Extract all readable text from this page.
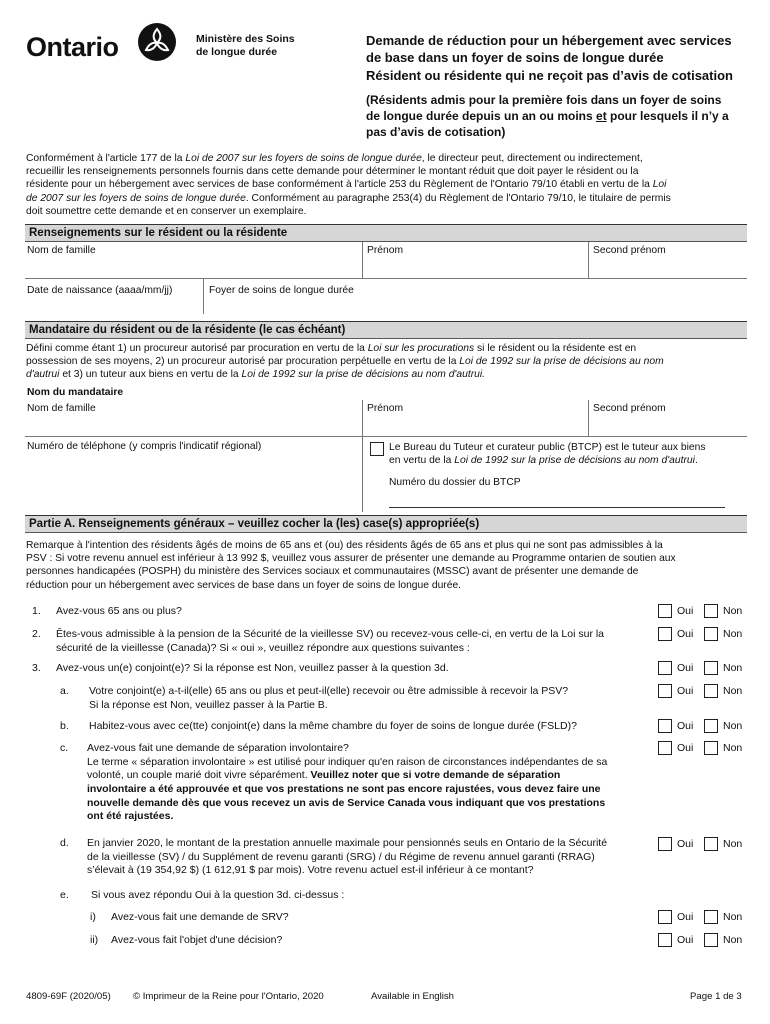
Ontario	Ministère des Soins
de longue durée
Demande de réduction pour un hébergement avec services
de base dans un foyer de soins de longue durée
Résident ou résidente qui ne reçoit pas d’avis de cotisation
(Résidents admis pour la première fois dans un foyer de soins
de longue durée depuis un an ou moins et pour lesquels il n’y a
pas d’avis de cotisation)
Conformément à l'article 177 de la Loi de 2007 sur les foyers de soins de longue durée, le directeur peut, directement ou indirectement,
recueillir les renseignements personnels fournis dans cette demande pour déterminer le montant réduit que doit payer le résident ou la
résidente pour un hébergement avec services de base conformément à l'article 253 du Règlement de l'Ontario 79/10 établi en vertu de la Loi
de 2007 sur les foyers de soins de longue durée. Conformément au paragraphe 253(4) du Règlement de l'Ontario 79/10, le titulaire de permis
doit soumettre cette demande et en conserver un exemplaire.
Renseignements sur le résident ou la résidente
Nom de famille	Prénom	Second prénom
Date de naissance (aaaa/mm/jj)	Foyer de soins de longue durée
Mandataire du résident ou de la résidente (le cas échéant)
Défini comme étant 1) un procureur autorisé par procuration en vertu de la Loi sur les procurations si le résident ou la résidente est en
possession de ses moyens, 2) un procureur autorisé par procuration perpétuelle en vertu de la Loi de 1992 sur la prise de décisions au nom
d'autrui et 3) un tuteur aux biens en vertu de la Loi de 1992 sur la prise de décisions au nom d'autrui.
Nom du mandataire
Nom de famille	Prénom	Second prénom
Numéro de téléphone (y compris l'indicatif régional)	Le Bureau du Tuteur et curateur public (BTCP) est le tuteur aux biens
en vertu de la Loi de 1992 sur la prise de décisions au nom d'autrui.
Numéro du dossier du BTCP
Partie A. Renseignements généraux – veuillez cocher la (les) case(s) appropriée(s)
Remarque à l'intention des résidents âgés de moins de 65 ans et (ou) des résidents âgés de 65 ans et plus qui ne sont pas admissibles à la
PSV : Si votre revenu annuel est inférieur à 13 992 $, veuillez vous assurer de présenter une demande au Programme ontarien de soutien aux
personnes handicapées (POSPH) du ministère des Services sociaux et communautaires (MSSC) avant de présenter une demande de
réduction pour un hébergement avec services de base dans un foyer de soins de longue durée.
1. Avez-vous 65 ans ou plus?	Oui	Non
2. Êtes-vous admissible à la pension de la Sécurité de la vieillesse SV) ou recevez-vous celle-ci, en vertu de la Loi sur la
sécurité de la vieillesse (Canada)? Si « oui », veuillez répondre aux questions suivantes :
Oui	Non
3. Avez-vous un(e) conjoint(e)? Si la réponse est Non, veuillez passer à la question 3d.	Oui	Non
a. Votre conjoint(e) a-t-il(elle) 65 ans ou plus et peut-il(elle) recevoir ou être admissible à recevoir la PSV?
Si la réponse est Non, veuillez passer à la Partie B.
Oui	Non
b. Habitez-vous avec ce(tte) conjoint(e) dans la même chambre du foyer de soins de longue durée (FSLD)?	Oui	Non
c. Avez-vous fait une demande de séparation involontaire?
Le terme « séparation involontaire » est utilisé pour indiquer qu'en raison de circonstances indépendantes de sa
volonté, un couple marié doit vivre séparément. Veuillez noter que si votre demande de séparation
involontaire a été approuvée et que vos prestations ne sont pas encore rajustées, vous devez faire une
nouvelle demande dès que vous recevez un avis de Service Canada vous indiquant que vos prestations
ont été rajustées.
Oui	Non
d. En janvier 2020, le montant de la prestation annuelle maximale pour pensionnés seuls en Ontario de la Sécurité
de la vieillesse (SV) / du Supplément de revenu garanti (SRG) / du Régime de revenu annuel garanti (RRAG)
s’élevait à (19 354,92 $) (1 612,91 $ par mois). Votre revenu actuel est-il inférieur à ce montant?
Oui	Non
e. Si vous avez répondu Oui à la question 3d. ci-dessus :
i) Avez-vous fait une demande de SRV?	Oui	Non
ii) Avez-vous fait l'objet d'une décision?	Oui	Non
4809-69F (2020/05) © Imprimeur de la Reine pour l'Ontario, 2020	Available in English	Page 1 de 3
